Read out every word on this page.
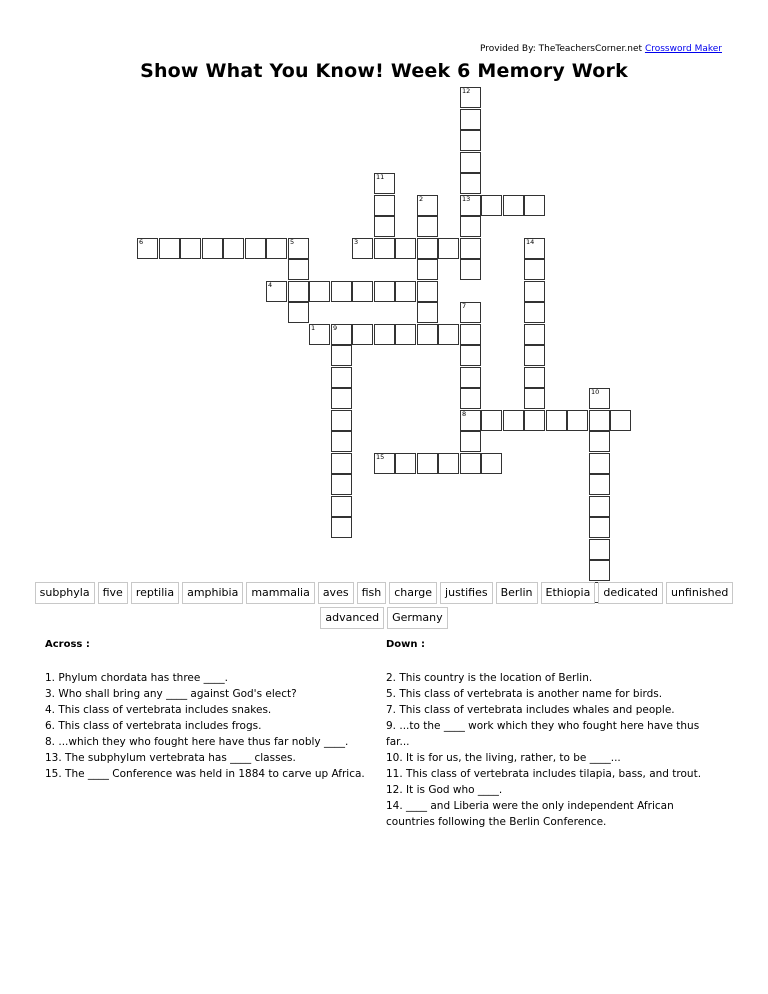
Provided By: TheTeachersCorner.net Crossword Maker
Show What You Know! Week 6 Memory Work
1	9
3
4
6	5
8
13
15
2
7
10
11
12
14
subphyla	five	reptilia	amphibia	mammalia	aves	fish	charge	justifies	Berlin	Ethiopia	dedicated	unfinished
advanced	Germany
Across :
1. Phylum chordata has three ____.
3. Who shall bring any ____ against God's elect?
4. This class of vertebrata includes snakes.
6. This class of vertebrata includes frogs.
8. ...which they who fought here have thus far nobly ____.
13. The subphylum vertebrata has ____ classes.
15. The ____ Conference was held in 1884 to carve up Africa.
Down :
2. This country is the location of Berlin.
5. This class of vertebrata is another name for birds.
7. This class of vertebrata includes whales and people.
9. ...to the ____ work which they who fought here have thus far...
10. It is for us, the living, rather, to be ____...
11. This class of vertebrata includes tilapia, bass, and trout.
12. It is God who ____.
14. ____ and Liberia were the only independent African countries following the Berlin Conference.
